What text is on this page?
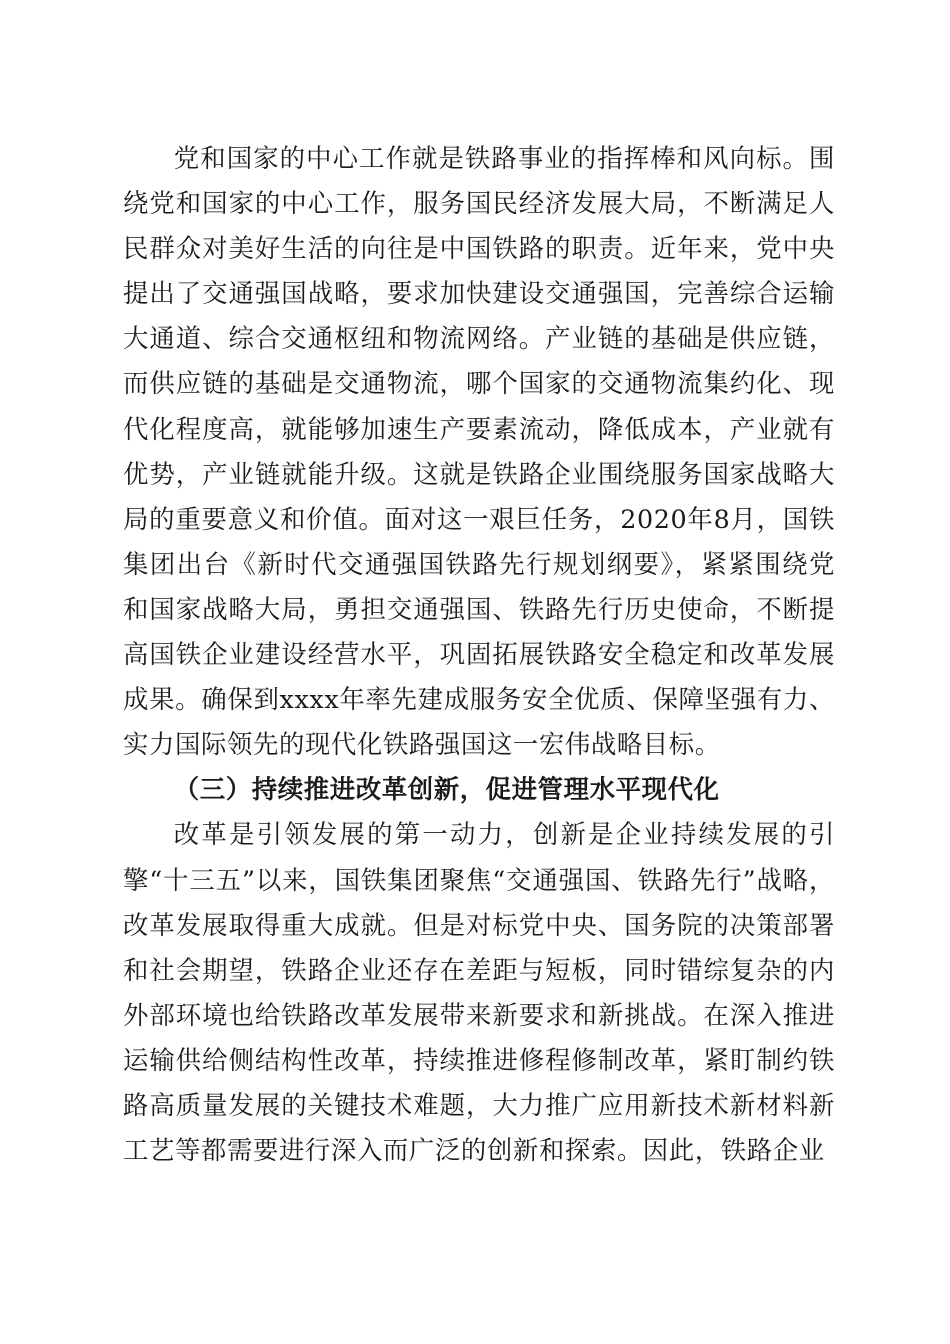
党和国家的中心工作就是铁路事业的指挥棒和风向标。围绕党和国家的中心工作，服务国民经济发展大局，不断满足人民群众对美好生活的向往是中国铁路的职责。近年来，党中央提出了交通强国战略，要求加快建设交通强国，完善综合运输大通道、综合交通枢纽和物流网络。产业链的基础是供应链，而供应链的基础是交通物流，哪个国家的交通物流集约化、现代化程度高，就能够加速生产要素流动，降低成本，产业就有优势，产业链就能升级。这就是铁路企业围绕服务国家战略大局的重要意义和价值。面对这一艰巨任务，2020年8月，国铁集团出台《新时代交通强国铁路先行规划纲要》，紧紧围绕党和国家战略大局，勇担交通强国、铁路先行历史使命，不断提高国铁企业建设经营水平，巩固拓展铁路安全稳定和改革发展成果。确保到xxxx年率先建成服务安全优质、保障坚强有力、实力国际领先的现代化铁路强国这一宏伟战略目标。

（三）持续推进改革创新，促进管理水平现代化

改革是引领发展的第一动力，创新是企业持续发展的引擎“十三五”以来，国铁集团聚焦“交通强国、铁路先行”战略，改革发展取得重大成就。但是对标党中央、国务院的决策部署和社会期望，铁路企业还存在差距与短板，同时错综复杂的内外部环境也给铁路改革发展带来新要求和新挑战。在深入推进运输供给侧结构性改革，持续推进修程修制改革，紧盯制约铁路高质量发展的关键技术难题，大力推广应用新技术新材料新工艺等都需要进行深入而广泛的创新和探索。因此，铁路企业
